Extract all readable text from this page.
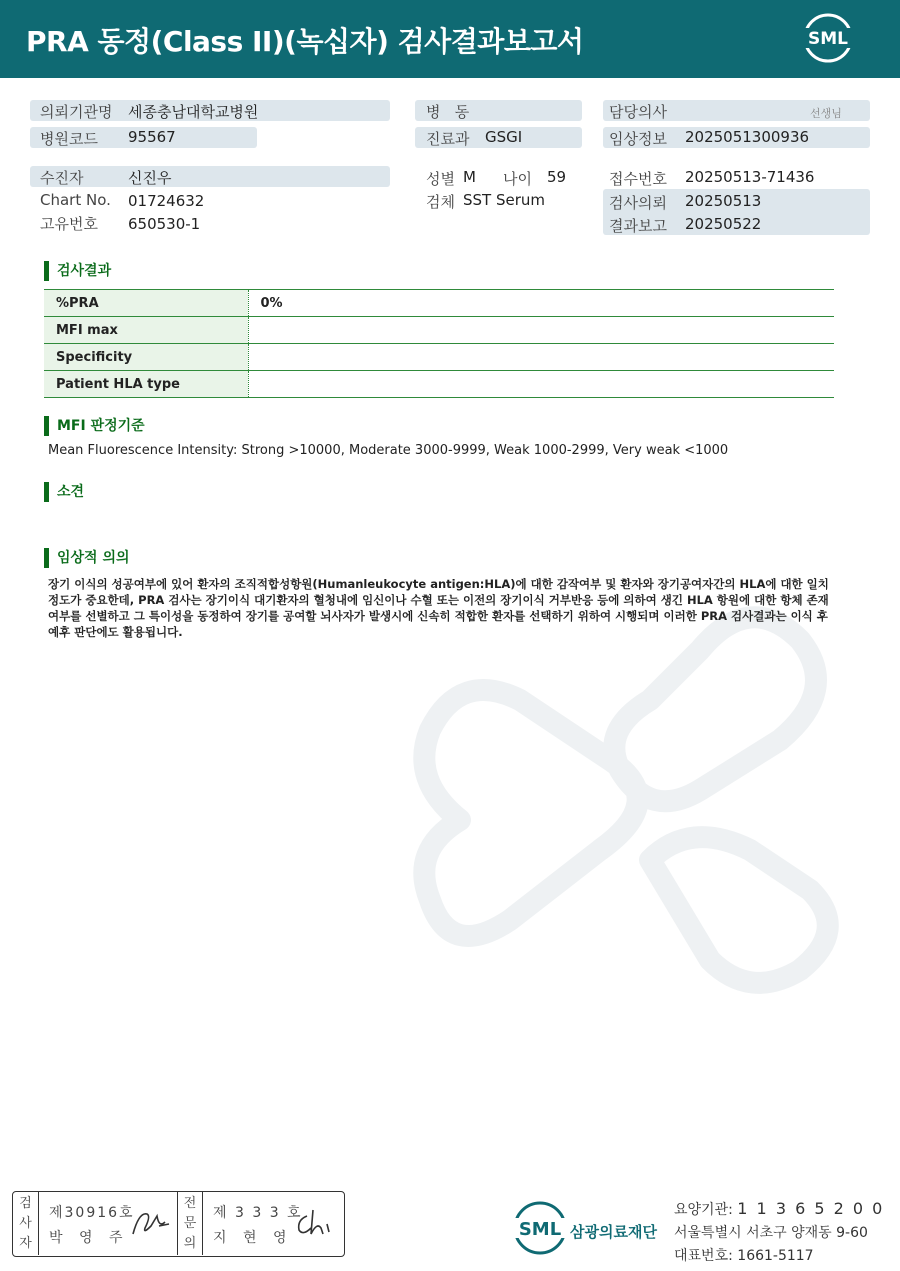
PRA 동정(Class II)(녹십자) 검사결과보고서	SML
의뢰기관명 세종충남대학교병원
병원코드 95567
병   동
진료과 GSGI
담당의사	선생님
임상정보 2025051300936
수진자	신진우
Chart No. 01724632
고유번호 650530-1
성별 M 나이 59
검체 SST Serum
접수번호 20250513-71436
검사의뢰 20250513
결과보고 20250522
검사결과
%PRA	0%
MFI max	
Specificity	
Patient HLA type	
MFI 판정기준
Mean Fluorescence Intensity: Strong >10000, Moderate 3000-9999, Weak 1000-2999, Very weak <1000
소견
임상적 의의
장기 이식의 성공여부에 있어 환자의 조직적합성항원(Humanleukocyte antigen:HLA)에 대한 감작여부 및 환자와 장기공여자간의 HLA에 대한 일치정도가 중요한데, PRA 검사는 장기이식 대기환자의 혈청내에 임신이나 수혈 또는 이전의 장기이식 거부반응 등에 의하여 생긴 HLA 항원에 대한 항체 존재 여부를 선별하고 그 특이성을 동정하여 장기를 공여할 뇌사자가 발생시에 신속히 적합한 환자를 선택하기 위하여 시행되며 이러한 PRA 검사결과는 이식 후 예후 판단에도 활용됩니다.
검사자
제30916호
박 영 주
전문의
제 3 3 3 호
지 현 영	SML 삼광의료재단
요양기관: 1 1 3 6 5 2 0 0
서울특별시 서초구 양재동 9-60
대표번호: 1661-5117
